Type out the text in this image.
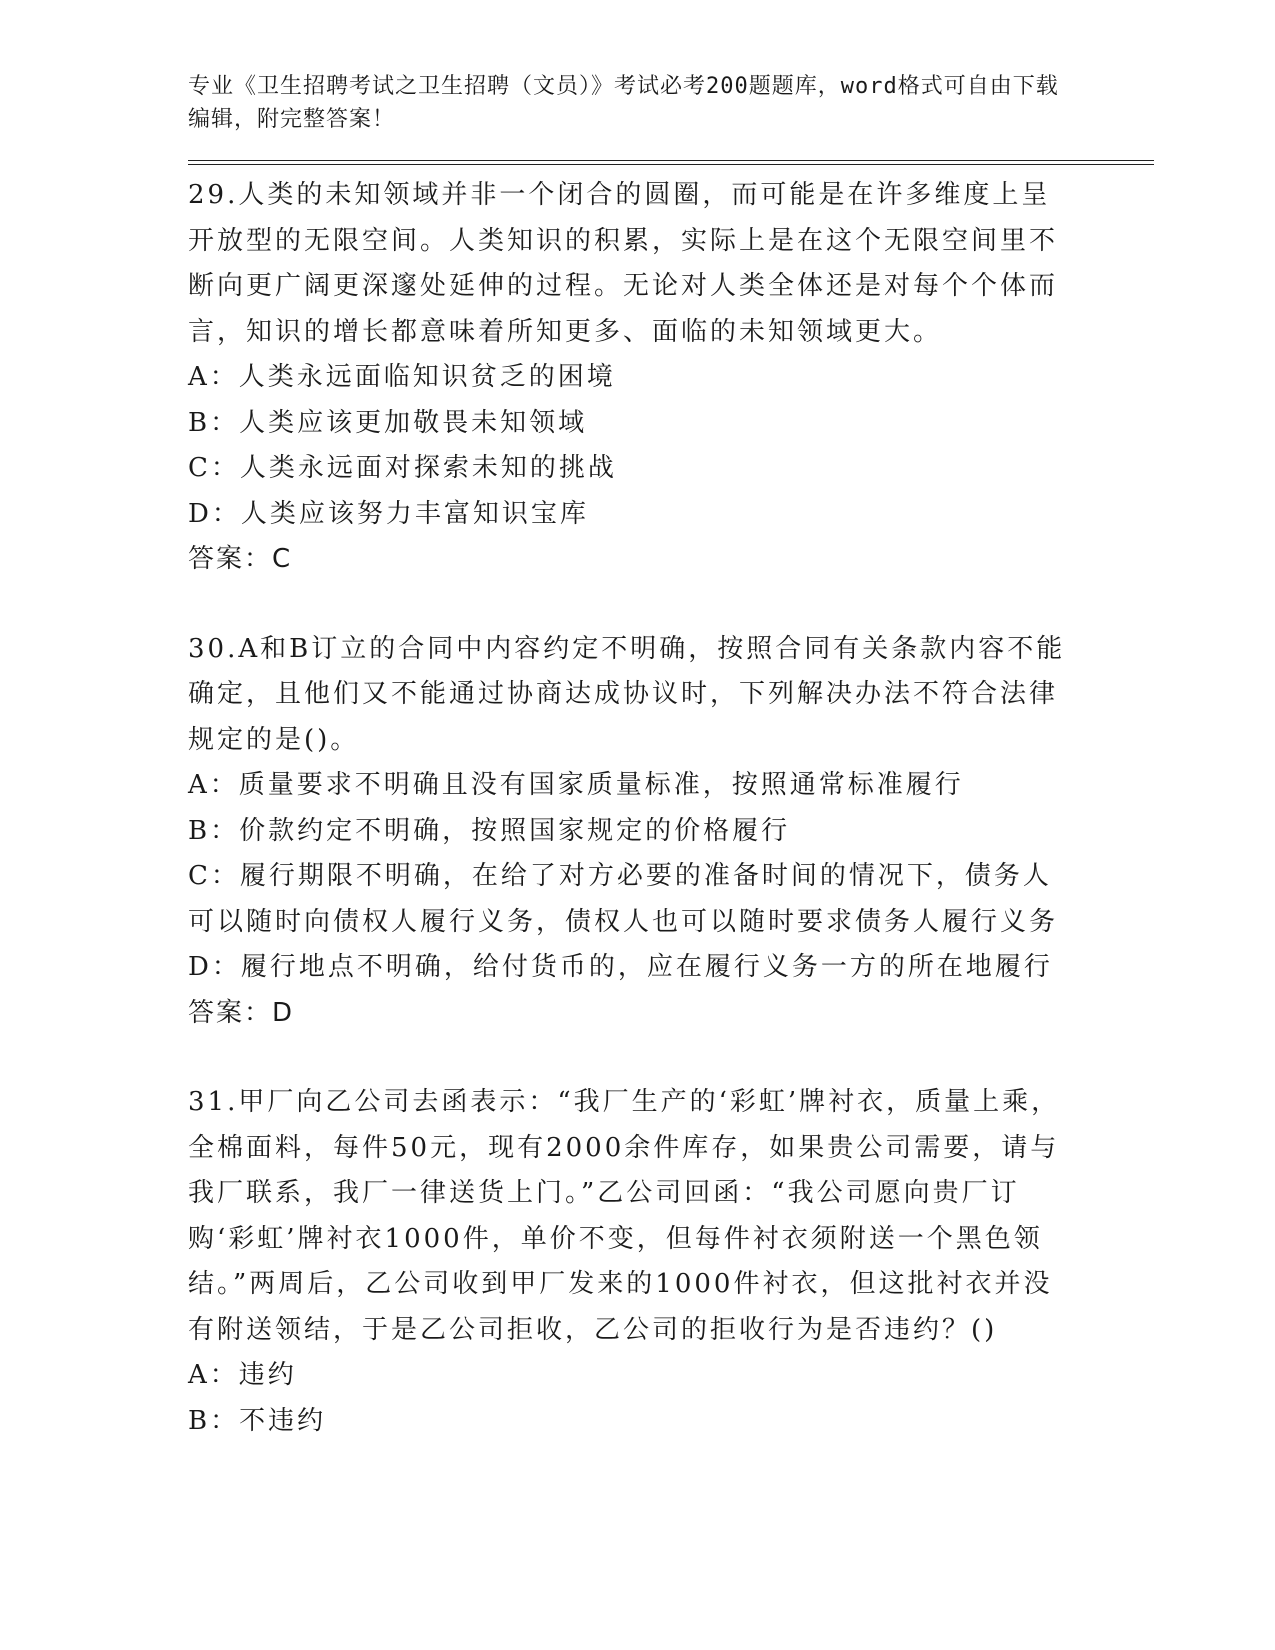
专业《卫生招聘考试之卫生招聘（文员）》考试必考200题题库，word格式可自由下载编辑，附完整答案！
29.人类的未知领域并非一个闭合的圆圈，而可能是在许多维度上呈开放型的无限空间。人类知识的积累，实际上是在这个无限空间里不断向更广阔更深邃处延伸的过程。无论对人类全体还是对每个个体而言，知识的增长都意味着所知更多、面临的未知领域更大。
A：人类永远面临知识贫乏的困境
B：人类应该更加敬畏未知领域
C：人类永远面对探索未知的挑战
D：人类应该努力丰富知识宝库
答案：C
30.A和B订立的合同中内容约定不明确，按照合同有关条款内容不能确定，且他们又不能通过协商达成协议时，下列解决办法不符合法律规定的是()。
A：质量要求不明确且没有国家质量标准，按照通常标准履行
B：价款约定不明确，按照国家规定的价格履行
C：履行期限不明确，在给了对方必要的准备时间的情况下，债务人可以随时向债权人履行义务，债权人也可以随时要求债务人履行义务
D：履行地点不明确，给付货币的，应在履行义务一方的所在地履行
答案：D
31.甲厂向乙公司去函表示：“我厂生产的‘彩虹’牌衬衣，质量上乘，全棉面料，每件50元，现有2000余件库存，如果贵公司需要，请与我厂联系，我厂一律送货上门。”乙公司回函：“我公司愿向贵厂订购‘彩虹’牌衬衣1000件，单价不变，但每件衬衣须附送一个黑色领结。”两周后，乙公司收到甲厂发来的1000件衬衣，但这批衬衣并没有附送领结，于是乙公司拒收，乙公司的拒收行为是否违约？()
A：违约
B：不违约
